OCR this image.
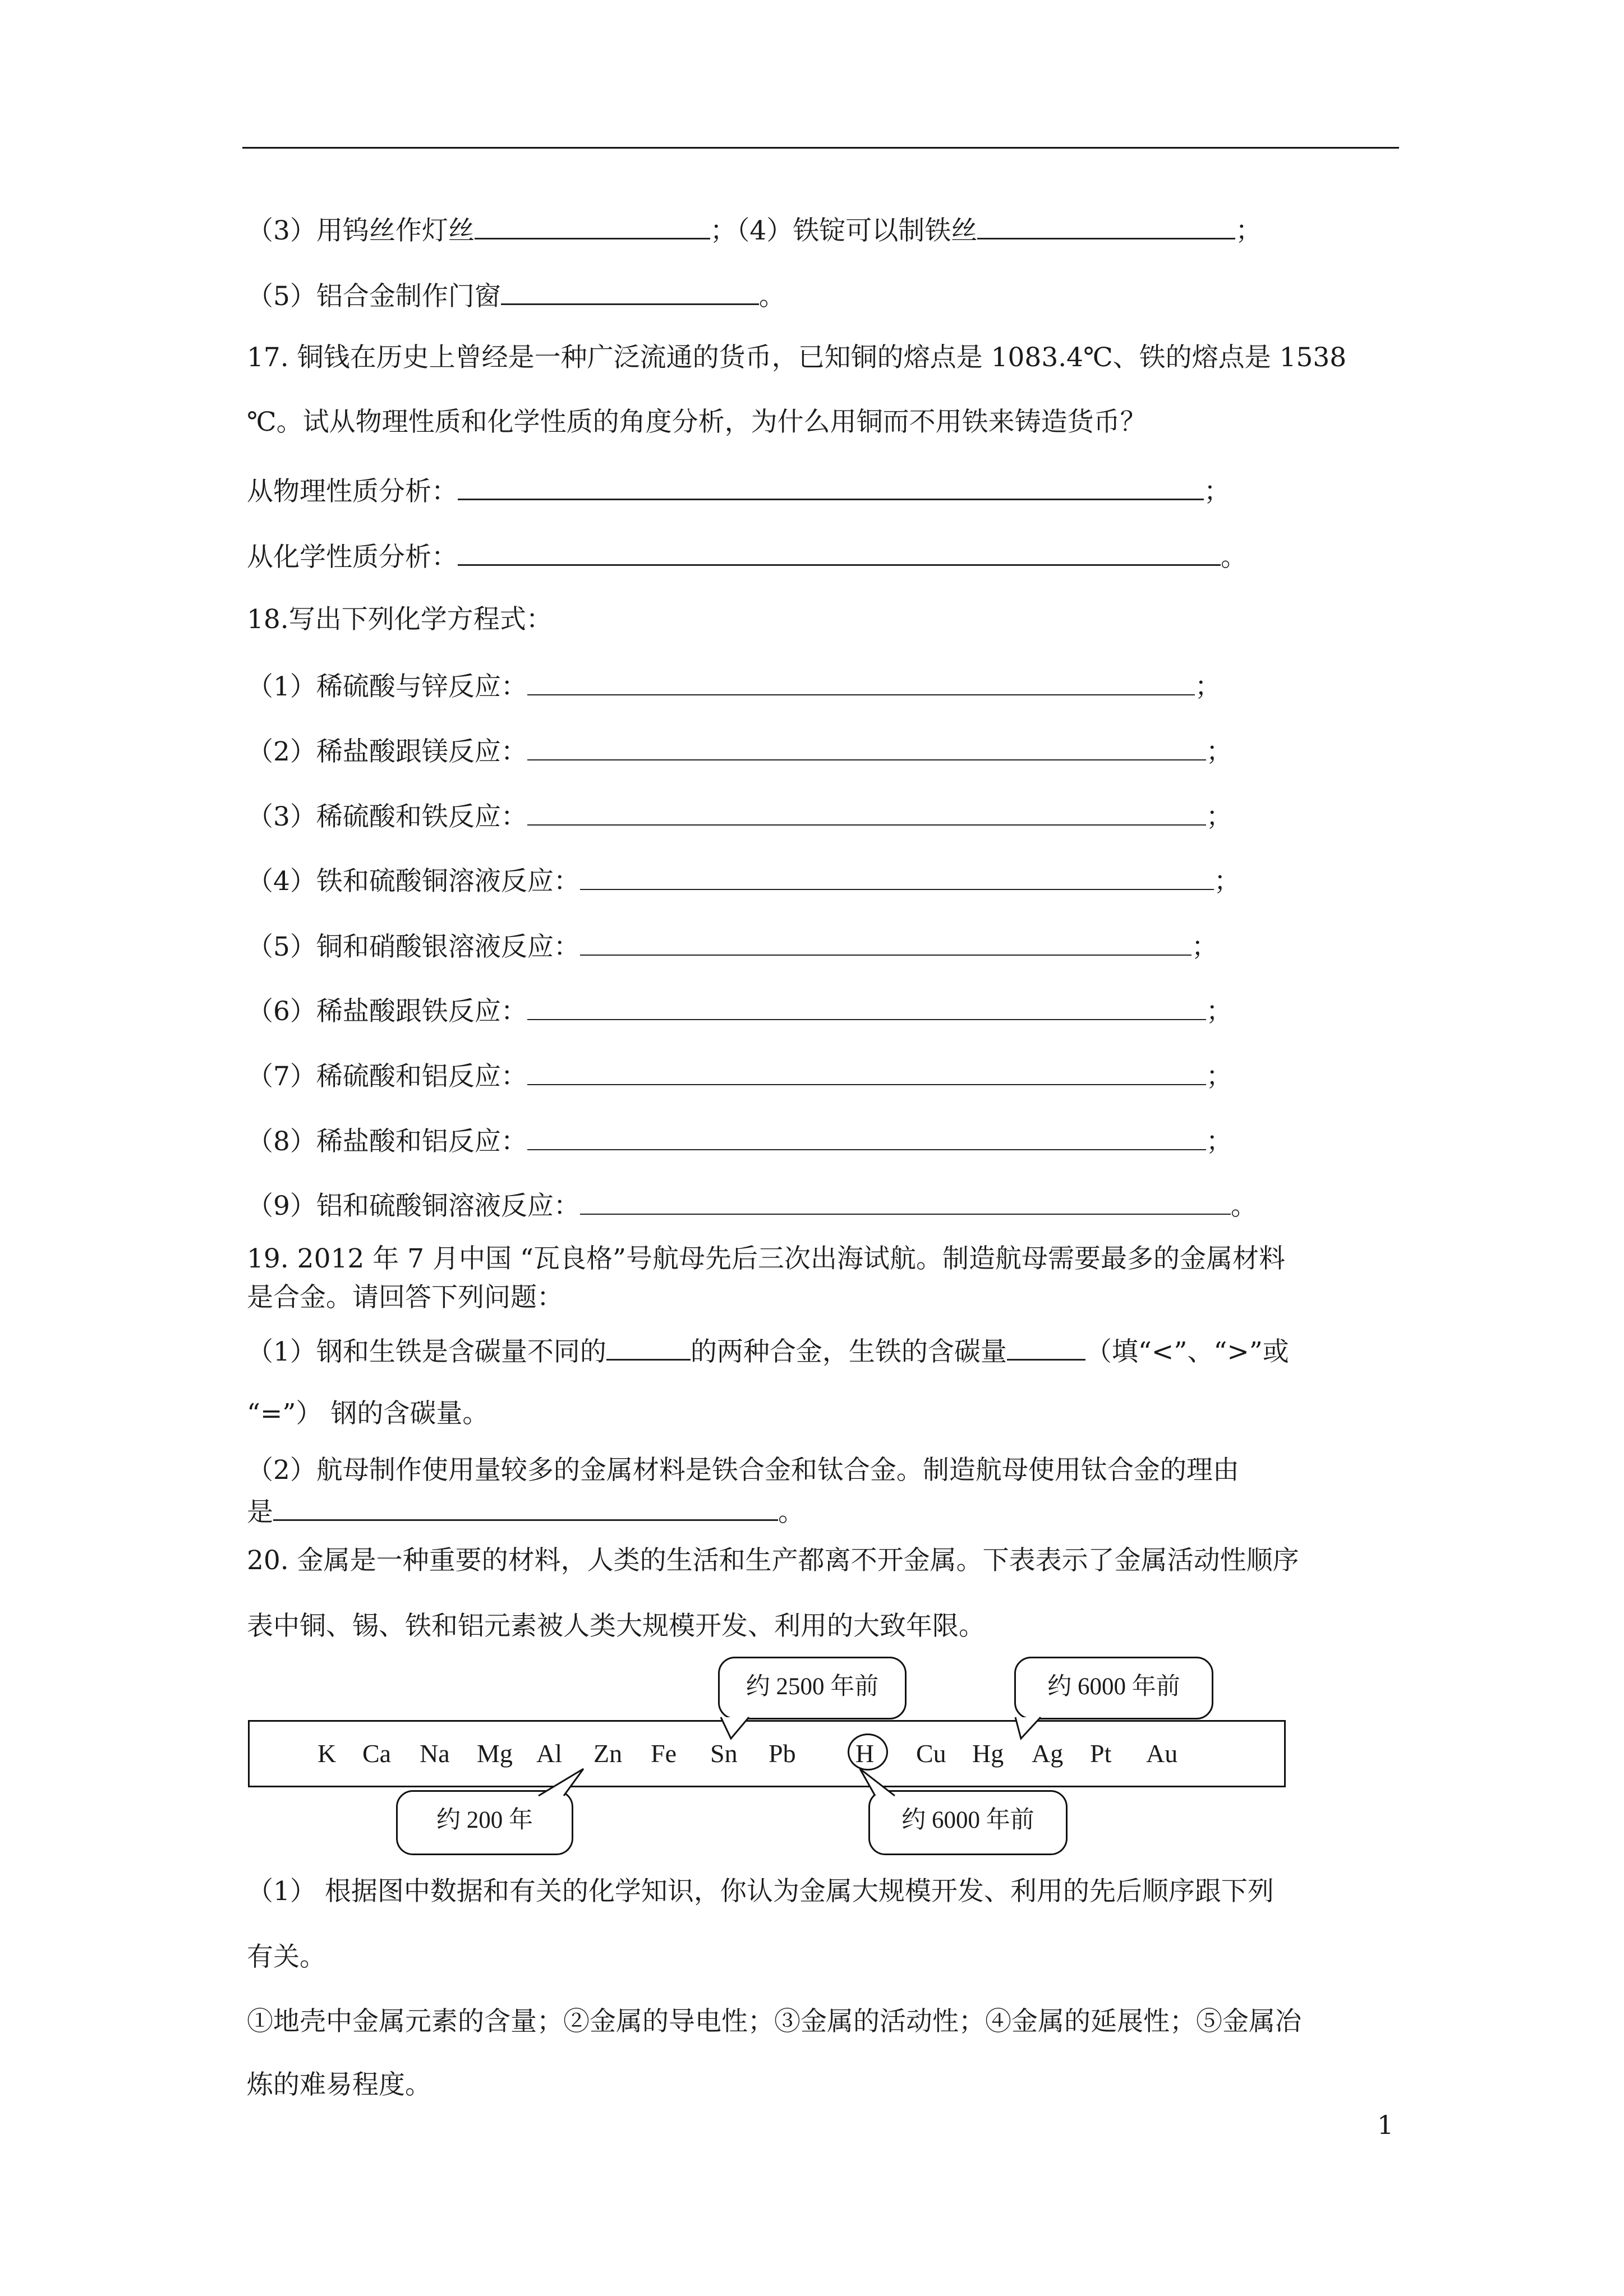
（3）用钨丝作灯丝	；（4）铁锭可以制铁丝	；
（5）铝合金制作门窗	。
17. 铜钱在历史上曾经是一种广泛流通的货币，已知铜的熔点是 1083.4℃、铁的熔点是 1538
℃。试从物理性质和化学性质的角度分析，为什么用铜而不用铁来铸造货币？
从物理性质分析：	；
从化学性质分析：	。
18.写出下列化学方程式：
（1）稀硫酸与锌反应：	；
（2）稀盐酸跟镁反应：	；
（3）稀硫酸和铁反应：	；
（4）铁和硫酸铜溶液反应：	；
（5）铜和硝酸银溶液反应：	；
（6）稀盐酸跟铁反应：	；
（7）稀硫酸和铝反应：	；
（8）稀盐酸和铝反应：	；
（9）铝和硫酸铜溶液反应：	。
19. 2012 年 7 月中国 “瓦良格”号航母先后三次出海试航。制造航母需要最多的金属材料
是合金。请回答下列问题：
（1）钢和生铁是含碳量不同的	的两种合金，生铁的含碳量	（填“<”、“>”或
“=”） 钢的含碳量。
（2）航母制作使用量较多的金属材料是铁合金和钛合金。制造航母使用钛合金的理由
是	。
20. 金属是一种重要的材料，人类的生活和生产都离不开金属。下表表示了金属活动性顺序
表中铜、锡、铁和铝元素被人类大规模开发、利用的大致年限。
（1） 根据图中数据和有关的化学知识，你认为金属大规模开发、利用的先后顺序跟下列
有关。
①地壳中金属元素的含量；②金属的导电性；③金属的活动性；④金属的延展性；⑤金属冶
炼的难易程度。
K Ca Na Mg Al Zn Fe Sn Pb H Cu Hg Ag Pt Au
约 2500 年前	约 6000 年前
约 200 年	约 6000 年前
1
